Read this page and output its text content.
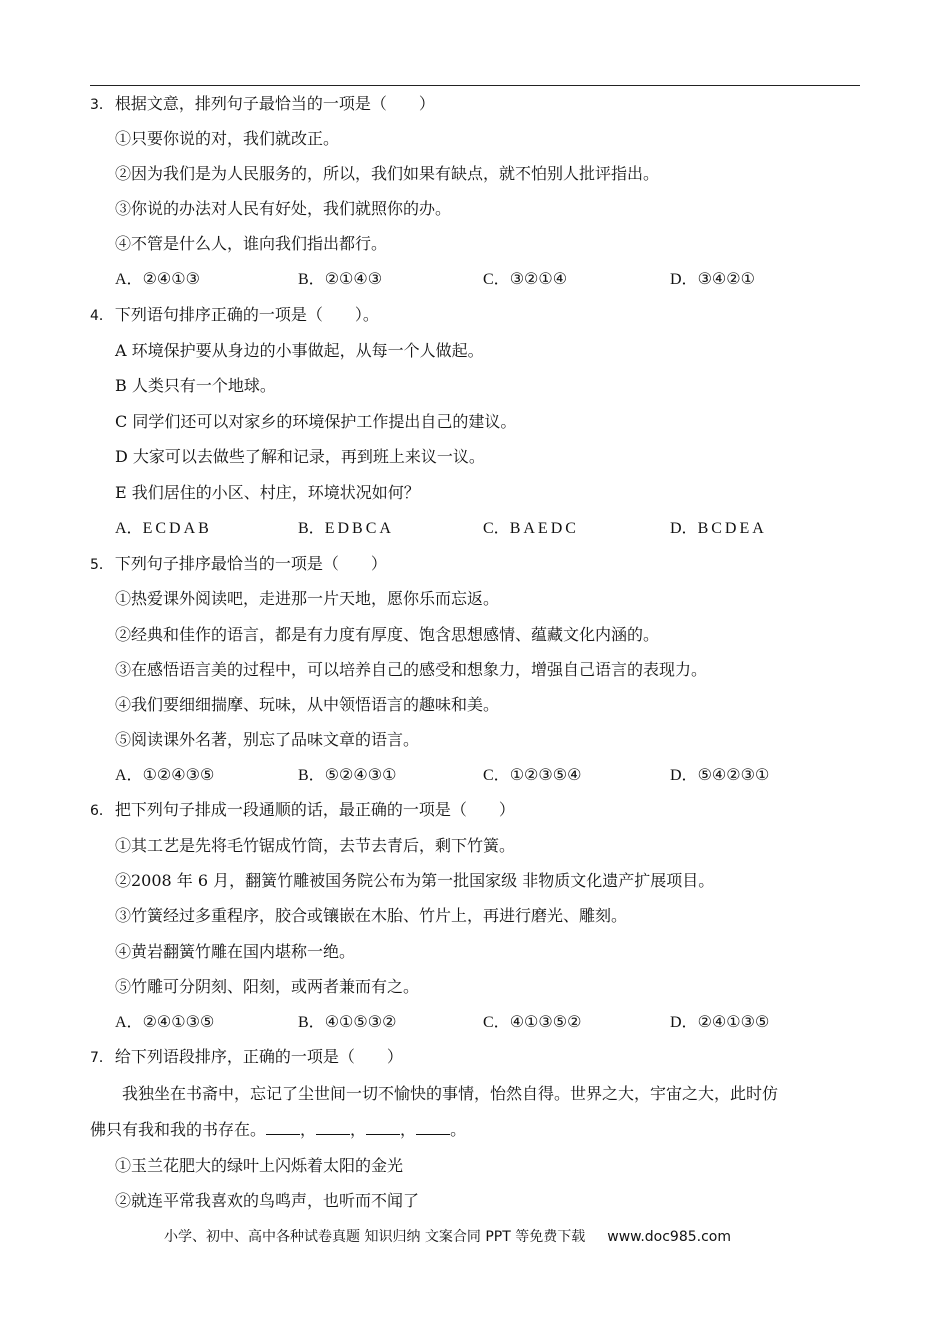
3． 根据文意，排列句子最恰当的一项是（　　）
①只要你说的对，我们就改正。
②因为我们是为人民服务的，所以，我们如果有缺点，就不怕别人批评指出。
③你说的办法对人民有好处，我们就照你的办。
④不管是什么人，谁向我们指出都行。
A．②④①③	B．②①④③	C．③②①④	D．③④②①
4． 下列语句排序正确的一项是（　　）。
A 环境保护要从身边的小事做起，从每一个人做起。
B 人类只有一个地球。
C 同学们还可以对家乡的环境保护工作提出自己的建议。
D 大家可以去做些了解和记录，再到班上来议一议。
E 我们居住的小区、村庄，环境状况如何？
A．ECDAB	B．EDBCA	C．BAEDC	D．BCDEA
5． 下列句子排序最恰当的一项是（　　）
①热爱课外阅读吧，走进那一片天地，愿你乐而忘返。
②经典和佳作的语言，都是有力度有厚度、饱含思想感情、蕴藏文化内涵的。
③在感悟语言美的过程中，可以培养自己的感受和想象力，增强自己语言的表现力。
④我们要细细揣摩、玩味，从中领悟语言的趣味和美。
⑤阅读课外名著，别忘了品味文章的语言。
A．①②④③⑤	B．⑤②④③①	C．①②③⑤④	D．⑤④②③①
6． 把下列句子排成一段通顺的话，最正确的一项是（　　）
①其工艺是先将毛竹锯成竹筒，去节去青后，剩下竹簧。
②2008 年 6 月，翻簧竹雕被国务院公布为第一批国家级 非物质文化遗产扩展项目。
③竹簧经过多重程序，胶合或镶嵌在木胎、竹片上，再进行磨光、雕刻。
④黄岩翻簧竹雕在国内堪称一绝。
⑤竹雕可分阴刻、阳刻，或两者兼而有之。
A．②④①③⑤	B．④①⑤③②	C．④①③⑤②	D．②④①③⑤
7． 给下列语段排序，正确的一项是（　　）
　　我独坐在书斋中，忘记了尘世间一切不愉快的事情，怡然自得。世界之大，宇宙之大，此时仿
佛只有我和我的书存在。 ， ， ， 。
①玉兰花肥大的绿叶上闪烁着太阳的金光
②就连平常我喜欢的鸟鸣声，也听而不闻了
小学、初中、高中各种试卷真题 知识归纳 文案合同 PPT 等免费下载 www.doc985.com
